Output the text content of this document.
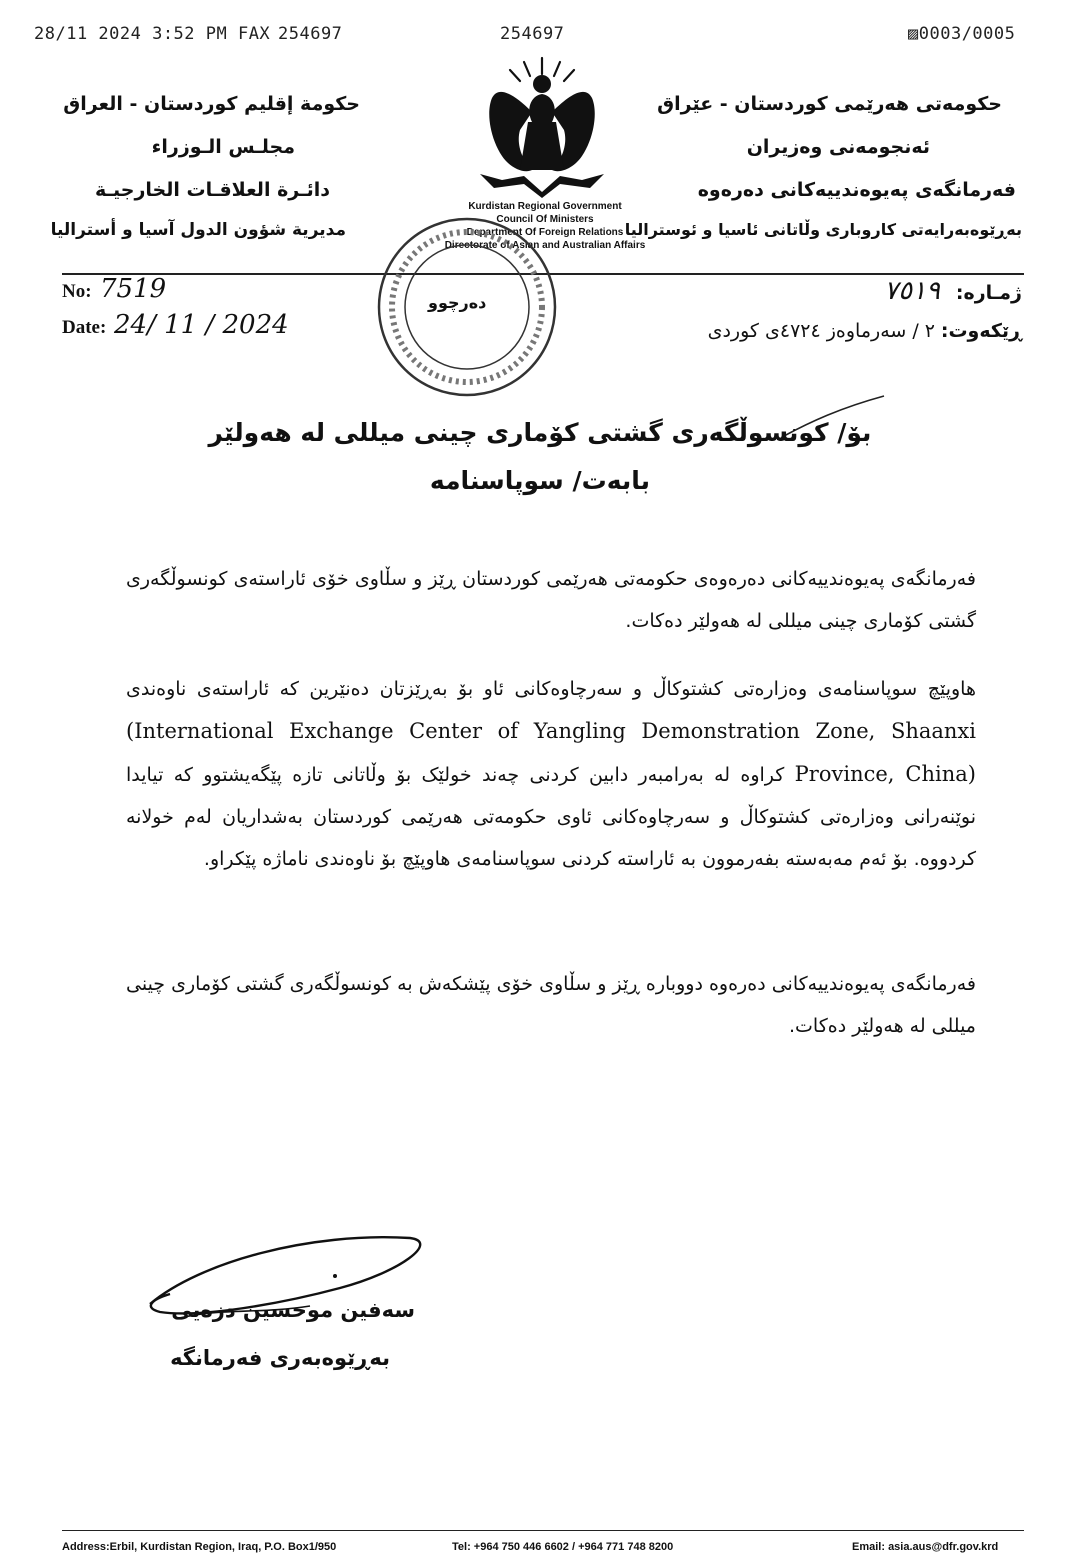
28/11 2024 3:52 PM FAX 254697	254697	▨0003/0005
حكومة إقليم كوردستان - العراق
مجلـس الـوزراء
دائـرة العلاقـات الخارجيـة
مديرية شؤون الدول آسيا و أستراليا
حکومەتی هەرێمی کوردستان - عێراق
ئەنجومەنی وەزیران
فەرمانگەی پەیوەندییەکانی دەرەوە
بەڕێوەبەرایەتی کاروباری وڵاتانی ئاسیا و ئوسترالیا
Kurdistan Regional Government
Council Of Ministers
Department Of Foreign Relations
Directorate of Asian and Australian Affairs
No: 7519
Date: 24/ 11 / 2024
ژمـارە:
٧٥١٩
ڕێکەوت:
٢ / سەرماوەز ٤٧٢٤ی کوردی
دەرچوو
بۆ/ کونسوڵگەری گشتی کۆماری چینی میللی لە هەولێر
بابەت/ سوپاسنامە
فەرمانگەی پەیوەندییەکانی دەرەوەی حکومەتی هەرێمی کوردستان ڕێز و سڵاوی خۆی ئاراستەی کونسوڵگەری گشتی کۆماری چینی میللی لە هەولێر دەکات.
هاوپێچ سوپاسنامەی وەزارەتی کشتوکاڵ و سەرچاوەکانی ئاو بۆ بەڕێزتان دەنێرین کە ئاراستەی ناوەندی (International Exchange Center of Yangling Demonstration Zone, Shaanxi Province, China) کراوە لە بەرامبەر دابین کردنی چەند خولێک بۆ وڵاتانی تازە پێگەیشتوو کە تیایدا نوێنەرانی وەزارەتی کشتوکاڵ و سەرچاوەکانی ئاوی حکومەتی هەرێمی کوردستان بەشداریان لەم خولانە کردووە. بۆ ئەم مەبەستە بفەرموون بە ئاراستە کردنی سوپاسنامەی هاوپێچ بۆ ناوەندی ناماژە پێکراو.
فەرمانگەی پەیوەندییەکانی دەرەوە دووبارە ڕێز و سڵاوی خۆی پێشکەش بە کونسوڵگەری گشتی کۆماری چینی میللی لە هەولێر دەکات.
سەفین موحسین دزەیی
بەڕێوەبەری فەرمانگە
Address:Erbil, Kurdistan Region, Iraq, P.O. Box1/950	Tel: +964 750 446 6602 / +964 771 748 8200	Email: asia.aus@dfr.gov.krd
